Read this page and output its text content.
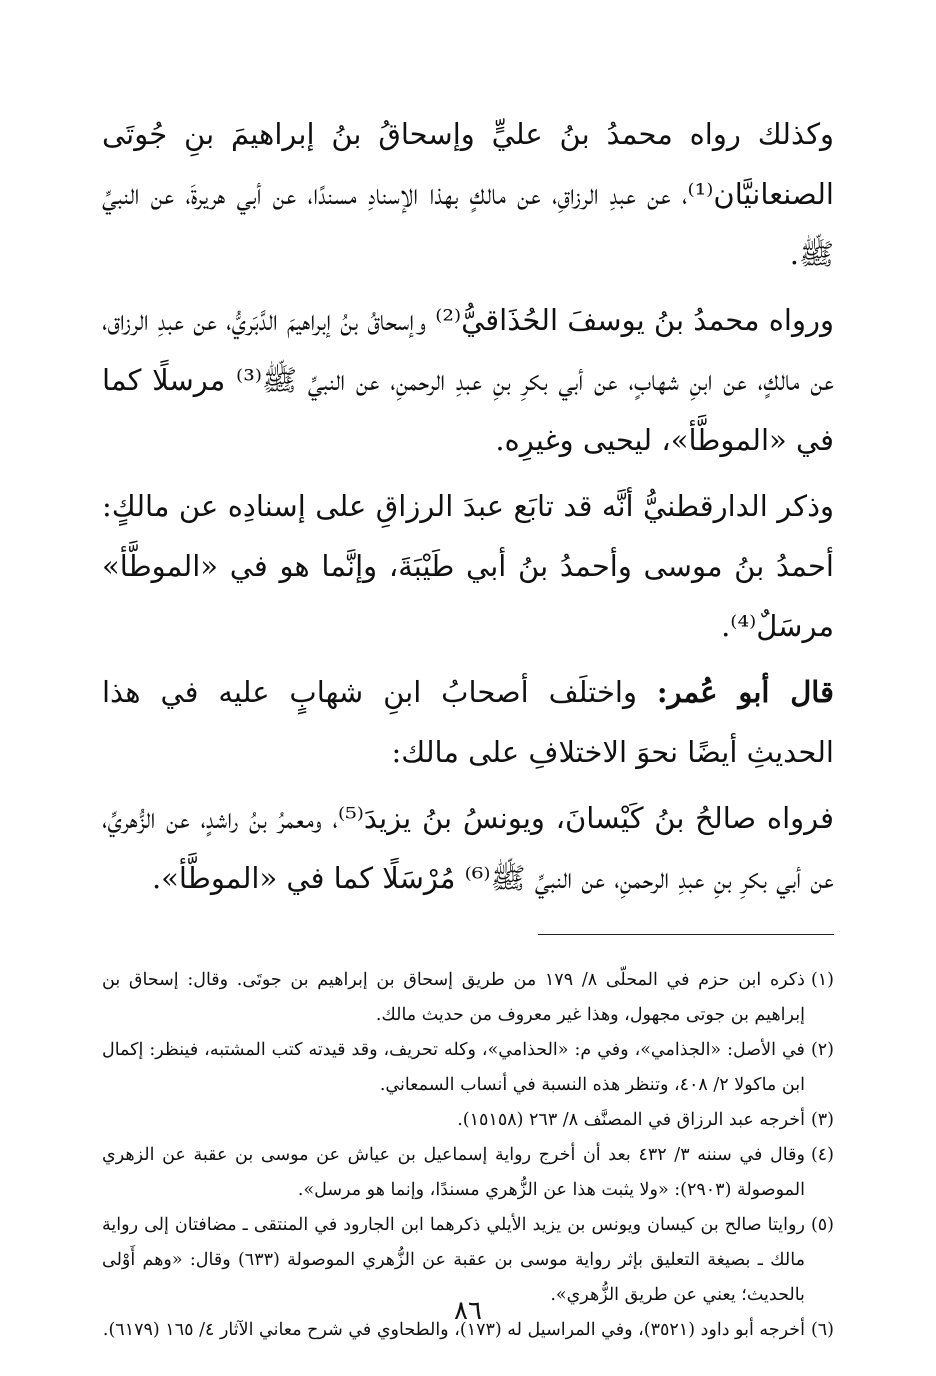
وكذلك رواه محمدُ بنُ عليٍّ وإسحاقُ بنُ إبراهيمَ بنِ جُوتَى الصنعانيَّان⁽¹⁾، عن عبدِ الرزاقِ، عن مالكٍ بهذا الإسنادِ مسندًا، عن أبي هريرةَ، عن النبيِّ ﷺ.

ورواه محمدُ بنُ يوسفَ الحُذَاقيُّ⁽²⁾ وإسحاقُ بنُ إبراهيمَ الدَّبَريُّ، عن عبدِ الرزاق، عن مالكٍ، عن ابنِ شهابٍ، عن أبي بكرِ بنِ عبدِ الرحمنِ، عن النبيِّ ﷺ⁽³⁾ مرسلًا كما في «الموطَّأ»، ليحيى وغيرِه.

وذكر الدارقطنيُّ أنَّه قد تابَع عبدَ الرزاقِ على إسنادِه عن مالكٍ: أحمدُ بنُ موسى وأحمدُ بنُ أبي طَيْبَةَ، وإنَّما هو في «الموطَّأ» مرسَلٌ⁽⁴⁾.

قال أبو عُمر: واختلَف أصحابُ ابنِ شهابٍ عليه في هذا الحديثِ أيضًا نحوَ الاختلافِ على مالك:

فرواه صالحُ بنُ كَيْسانَ، ويونسُ بنُ يزيدَ⁽⁵⁾، ومعمرُ بنُ راشدٍ، عن الزُّهريِّ، عن أبي بكرِ بنِ عبدِ الرحمنِ، عن النبيِّ ﷺ⁽⁶⁾ مُرْسَلًا كما في «الموطَّأ».

(١)
ذكره ابن حزم في المحلّى ٨/ ١٧٩ من طريق إسحاق بن إبراهيم بن جوتَى. وقال: إسحاق بن إبراهيم بن جوتى مجهول، وهذا غير معروف من حديث مالك.
(٢)
في الأصل: «الجذامي»، وفي م: «الحذامي»، وكله تحريف، وقد قيدته كتب المشتبه، فينظر: إكمال ابن ماكولا ٢/ ٤٠٨، وتنظر هذه النسبة في أنساب السمعاني.
(٣)
أخرجه عبد الرزاق في المصنَّف ٨/ ٢٦٣ (١٥١٥٨).
(٤)
وقال في سننه ٣/ ٤٣٢ بعد أن أخرج رواية إسماعيل بن عياش عن موسى بن عقبة عن الزهري الموصولة (٢٩٠٣): «ولا يثبت هذا عن الزُّهري مسندًا، وإنما هو مرسل».
(٥)
روايتا صالح بن كيسان ويونس بن يزيد الأيلي ذكرهما ابن الجارود في المنتقى ـ مضافتان إلى رواية مالك ـ بصيغة التعليق بإثر رواية موسى بن عقبة عن الزُّهري الموصولة (٦٣٣) وقال: «وهم أَوْلى بالحديث؛ يعني عن طريق الزُّهري».
(٦)
أخرجه أبو داود (٣٥٢١)، وفي المراسيل له (١٧٣)، والطحاوي في شرح معاني الآثار ٤/ ١٦٥ (٦١٧٩).
٨٦
